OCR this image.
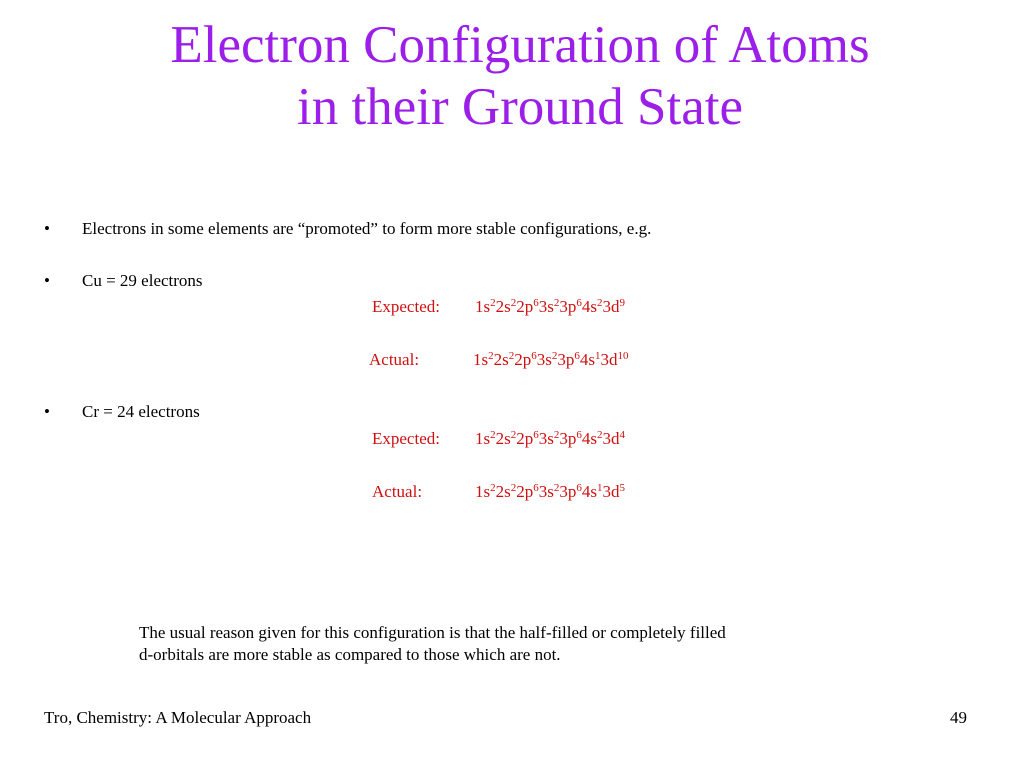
Electron Configuration of Atoms
in their Ground State
• Electrons in some elements are “promoted” to form more stable configurations, e.g.
• Cu = 29 electrons
Expected: $1s^22s^22p^63s^23p^64s^23d^9$
Actual:	$1s^22s^22p^63s^23p^64s^13d^{10}$
• Cr = 24 electrons
Expected: $1s^22s^22p^63s^23p^64s^23d^4$
Actual:	$1s^22s^22p^63s^23p^64s^13d^5$
The usual reason given for this configuration is that the half-filled or completely filled
d-orbitals are more stable as compared to those which are not.
Tro, Chemistry: A Molecular Approach	49
